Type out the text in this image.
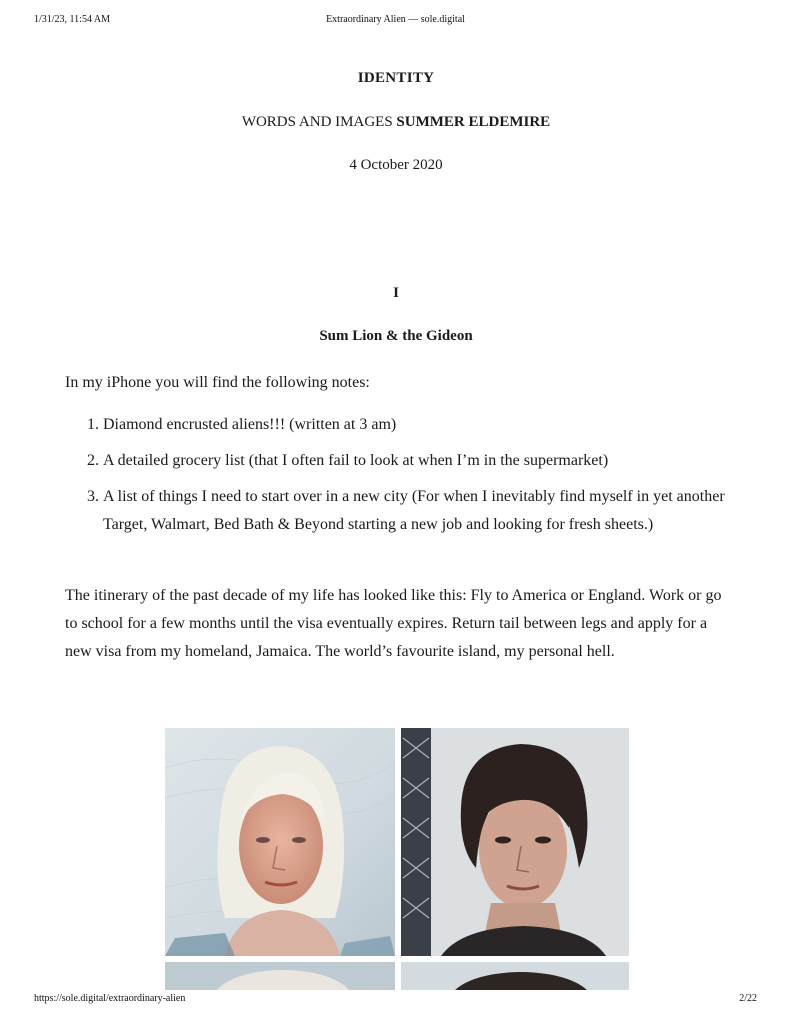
1/31/23, 11:54 AM	Extraordinary Alien — sole.digital
IDENTITY
WORDS AND IMAGES SUMMER ELDEMIRE
4 October 2020
I
Sum Lion & the Gideon

In my iPhone you will find the following notes:

1. Diamond encrusted aliens!!! (written at 3 am)
2. A detailed grocery list (that I often fail to look at when I’m in the supermarket)
3. A list of things I need to start over in a new city (For when I inevitably find myself in yet another Target, Walmart, Bed Bath & Beyond starting a new job and looking for fresh sheets.)

The itinerary of the past decade of my life has looked like this: Fly to America or England. Work or go to school for a few months until the visa eventually expires. Return tail between legs and apply for a new visa from my homeland, Jamaica. The world’s favourite island, my personal hell.

https://sole.digital/extraordinary-alien	2/22
